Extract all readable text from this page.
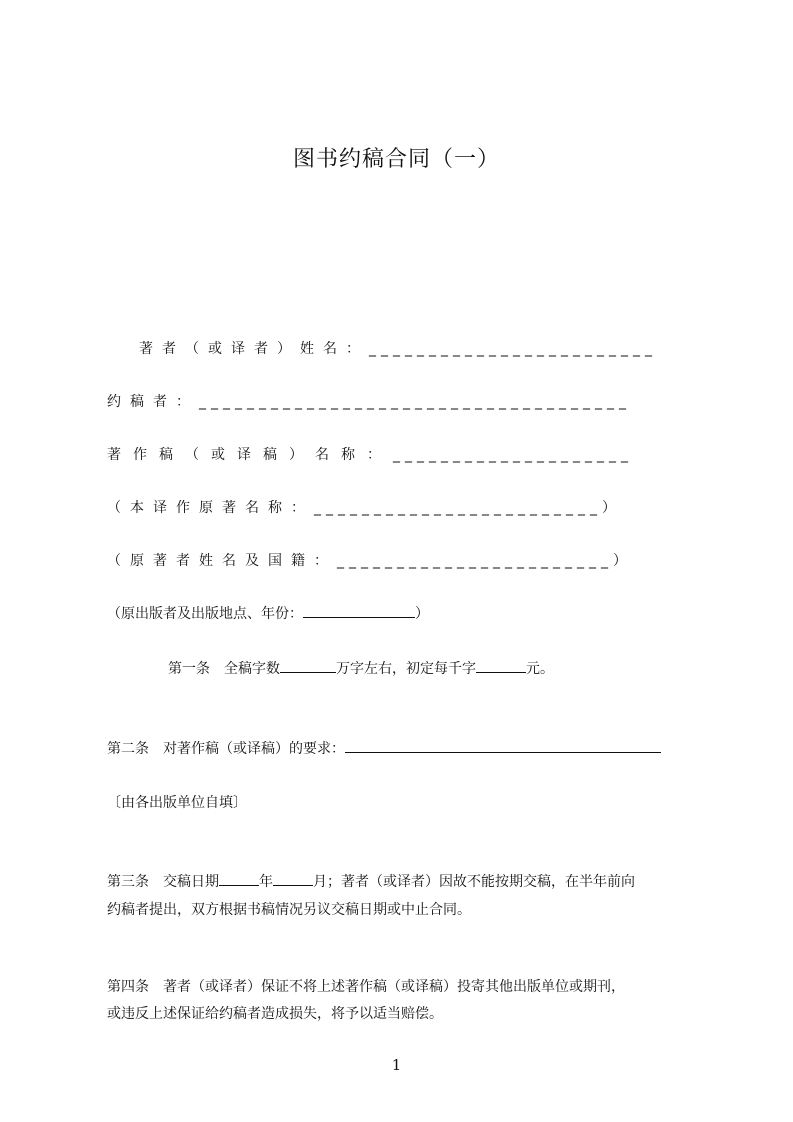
图书约稿合同（一）
著者（或译者）姓名：________________________
约稿者：____________________________________
著作稿（或译稿）名称：____________________
（本译作原著名称：________________________）
（原著者姓名及国籍：_______________________）
（原出版者及出版地点、年份：	）
第一条　全稿字数	万字左右，初定每千字	元。
第二条　对著作稿（或译稿）的要求：
〔由各出版单位自填〕
第三条　交稿日期	年	月；著者（或译者）因故不能按期交稿，在半年前向
约稿者提出，双方根据书稿情况另议交稿日期或中止合同。
第四条　著者（或译者）保证不将上述著作稿（或译稿）投寄其他出版单位或期刊，
或违反上述保证给约稿者造成损失，将予以适当赔偿。
1
